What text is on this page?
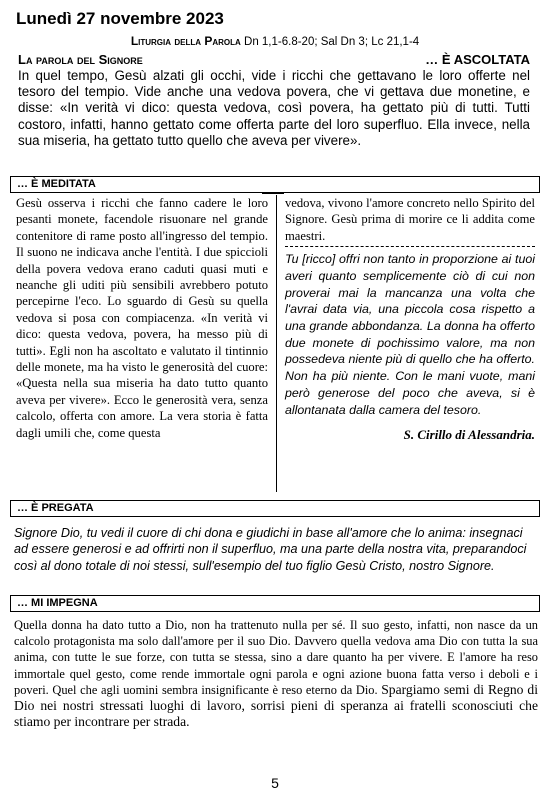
Lunedì 27 novembre 2023
Liturgia della Parola Dn 1,1-6.8-20; Sal Dn 3; Lc 21,1-4
La parola del Signore	… È ASCOLTATA
In quel tempo, Gesù alzati gli occhi, vide i ricchi che gettavano le loro offerte nel tesoro del tempio. Vide anche una vedova povera, che vi gettava due monetine, e disse: «In verità vi dico: questa vedova, così povera, ha gettato più di tutti. Tutti costoro, infatti, hanno gettato come offerta parte del loro superfluo. Ella invece, nella sua miseria, ha gettato tutto quello che aveva per vivere».
… È MEDITATA
Gesù osserva i ricchi che fanno cadere le loro pesanti monete, facendole risuonare nel grande contenitore di rame posto all'ingresso del tempio. Il suono ne indicava anche l'entità. I due spiccioli della povera vedova erano caduti quasi muti e neanche gli uditi più sensibili avrebbero potuto percepirne l'eco. Lo sguardo di Gesù su quella vedova si posa con compiacenza. «In verità vi dico: questa vedova, povera, ha messo più di tutti». Egli non ha ascoltato e valutato il tintinnio delle monete, ma ha visto le generosità del cuore: «Questa nella sua miseria ha dato tutto quanto aveva per vivere». Ecco le generosità vera, senza calcolo, offerta con amore. La vera storia è fatta dagli umili che, come questa
vedova, vivono l'amore concreto nello Spirito del Signore. Gesù prima di morire ce li addita come maestri.
Tu [ricco] offri non tanto in proporzione ai tuoi averi quanto semplicemente ciò di cui non proverai mai la mancanza una volta che l'avrai data via, una piccola cosa rispetto a una grande abbondanza. La donna ha offerto due monete di pochissimo valore, ma non possedeva niente più di quello che ha offerto. Non ha più niente. Con le mani vuote, mani però generose del poco che aveva, si è allontanata dalla camera del tesoro.
S. Cirillo di Alessandria.
… È PREGATA
Signore Dio, tu vedi il cuore di chi dona e giudichi in base all'amore che lo anima: insegnaci ad essere generosi e ad offrirti non il superfluo, ma una parte della nostra vita, preparandoci così al dono totale di noi stessi, sull'esempio del tuo figlio Gesù Cristo, nostro Signore.
… MI IMPEGNA
Quella donna ha dato tutto a Dio, non ha trattenuto nulla per sé. Il suo gesto, infatti, non nasce da un calcolo protagonista ma solo dall'amore per il suo Dio. Davvero quella vedova ama Dio con tutta la sua anima, con tutte le sue forze, con tutta se stessa, sino a dare quanto ha per vivere. E l'amore ha reso immortale quel gesto, come rende immortale ogni parola e ogni azione buona fatta verso i deboli e i poveri. Quel che agli uomini sembra insignificante è reso eterno da Dio. Spargiamo semi di Regno di Dio nei nostri stressati luoghi di lavoro, sorrisi pieni di speranza ai fratelli sconosciuti che stiamo per incontrare per strada.
5
